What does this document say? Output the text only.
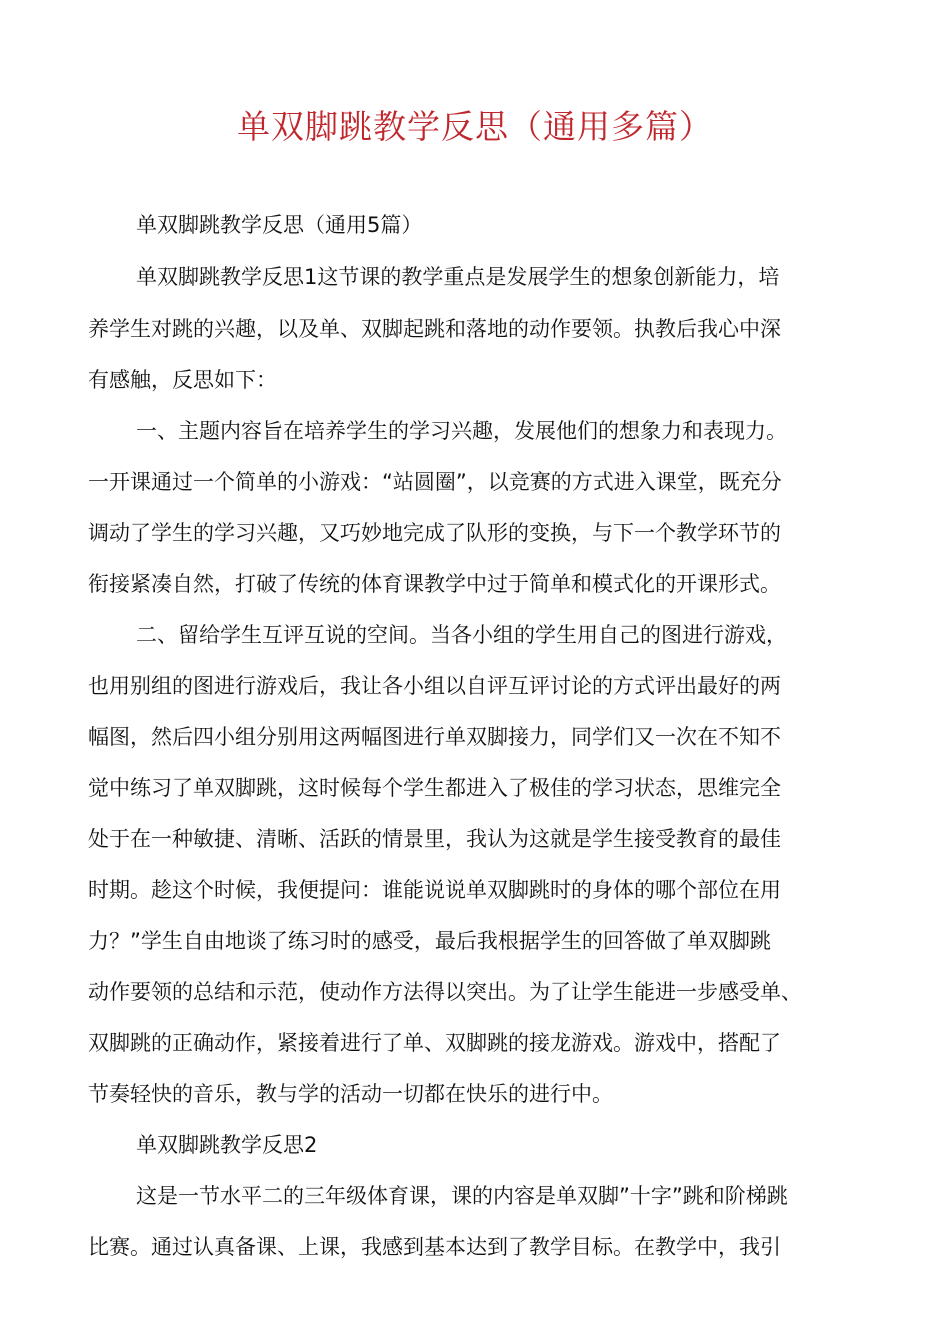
单双脚跳教学反思（通用多篇）
单双脚跳教学反思（通用5篇）
单双脚跳教学反思1这节课的教学重点是发展学生的想象创新能力，培
养学生对跳的兴趣，以及单、双脚起跳和落地的动作要领。执教后我心中深
有感触，反思如下：
一、主题内容旨在培养学生的学习兴趣，发展他们的想象力和表现力。
一开课通过一个简单的小游戏：“站圆圈”，以竞赛的方式进入课堂，既充分
调动了学生的学习兴趣，又巧妙地完成了队形的变换，与下一个教学环节的
衔接紧凑自然，打破了传统的体育课教学中过于简单和模式化的开课形式。
二、留给学生互评互说的空间。当各小组的学生用自己的图进行游戏，
也用别组的图进行游戏后，我让各小组以自评互评讨论的方式评出最好的两
幅图，然后四小组分别用这两幅图进行单双脚接力，同学们又一次在不知不
觉中练习了单双脚跳，这时候每个学生都进入了极佳的学习状态，思维完全
处于在一种敏捷、清晰、活跃的情景里，我认为这就是学生接受教育的最佳
时期。趁这个时候，我便提问：谁能说说单双脚跳时的身体的哪个部位在用
力？”学生自由地谈了练习时的感受，最后我根据学生的回答做了单双脚跳
动作要领的总结和示范，使动作方法得以突出。为了让学生能进一步感受单、
双脚跳的正确动作，紧接着进行了单、双脚跳的接龙游戏。游戏中，搭配了
节奏轻快的音乐，教与学的活动一切都在快乐的进行中。
单双脚跳教学反思2
这是一节水平二的三年级体育课，课的内容是单双脚”十字”跳和阶梯跳
比赛。通过认真备课、上课，我感到基本达到了教学目标。在教学中，我引
